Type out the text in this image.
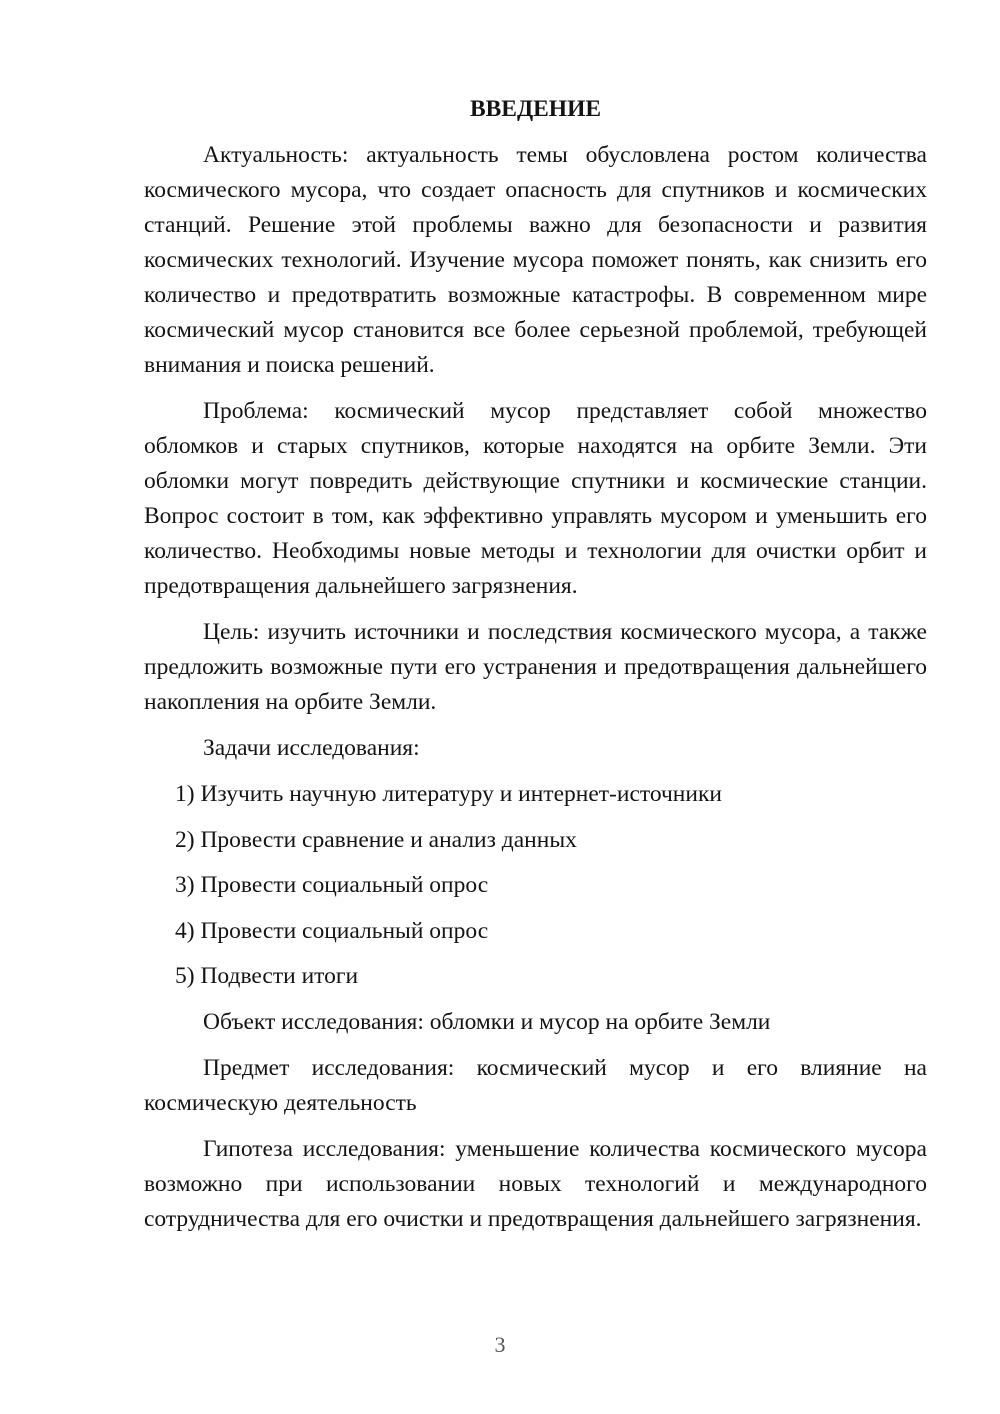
ВВЕДЕНИЕ

Актуальность: актуальность темы обусловлена ростом количества космического мусора, что создает опасность для спутников и космических станций. Решение этой проблемы важно для безопасности и развития космических технологий. Изучение мусора поможет понять, как снизить его количество и предотвратить возможные катастрофы. В современном мире космический мусор становится все более серьезной проблемой, требующей внимания и поиска решений.

Проблема: космический мусор представляет собой множество обломков и старых спутников, которые находятся на орбите Земли. Эти обломки могут повредить действующие спутники и космические станции. Вопрос состоит в том, как эффективно управлять мусором и уменьшить его количество. Необходимы новые методы и технологии для очистки орбит и предотвращения дальнейшего загрязнения.

Цель: изучить источники и последствия космического мусора, а также предложить возможные пути его устранения и предотвращения дальнейшего накопления на орбите Земли.

Задачи исследования:

1) Изучить научную литературу и интернет-источники
2) Провести сравнение и анализ данных
3) Провести социальный опрос
4) Провести социальный опрос
5) Подвести итоги

Объект исследования: обломки и мусор на орбите Земли

Предмет исследования: космический мусор и его влияние на космическую деятельность

Гипотеза исследования: уменьшение количества космического мусора возможно при использовании новых технологий и международного сотрудничества для его очистки и предотвращения дальнейшего загрязнения.

3
